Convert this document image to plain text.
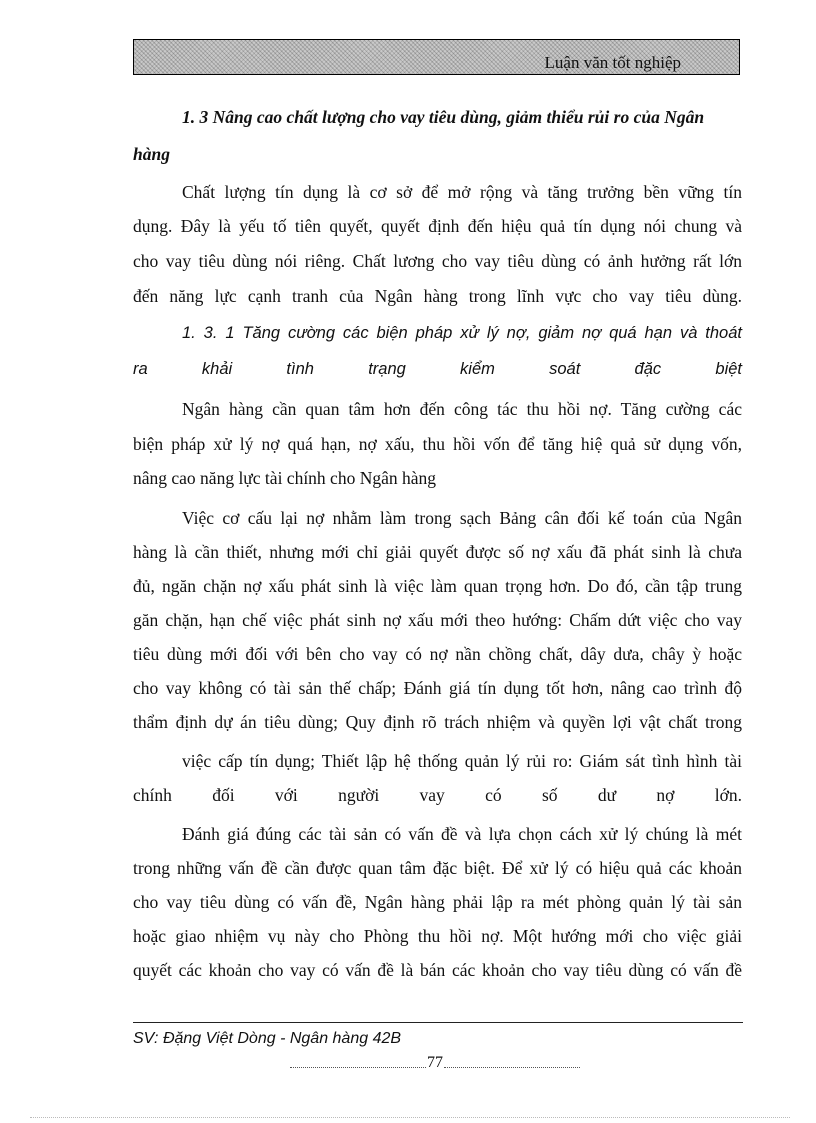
Luận văn tốt nghiệp
1. 3 Nâng cao chất lượng cho vay tiêu dùng, giảm thiểu rủi ro của Ngân
hàng
Chất lượng tín dụng là cơ sở để mở rộng và tăng trưởng bền vững tín
dụng. Đây là yếu tố tiên quyết, quyết định đến hiệu quả tín dụng nói chung và
cho vay tiêu dùng nói riêng. Chất lương cho vay tiêu dùng có ảnh hưởng rất lớn
đến năng lực cạnh tranh của Ngân hàng trong lĩnh vực cho vay tiêu dùng.
1. 3. 1 Tăng cường các biện pháp xử lý nợ, giảm nợ quá hạn và thoát
ra khải tình trạng kiểm soát đặc biệt
Ngân hàng cần quan tâm hơn đến công tác thu hồi nợ. Tăng cường các
biện pháp xử lý nợ quá hạn, nợ xấu, thu hồi vốn để tăng hiệ quả sử dụng vốn,
nâng cao năng lực tài chính cho Ngân hàng
Việc cơ cấu lại nợ nhằm làm trong sạch Bảng cân đối kế toán của Ngân
hàng là cần thiết, nhưng mới chỉ giải quyết được số nợ xấu đã phát sinh là chưa
đủ, ngăn chặn nợ xấu phát sinh là việc làm quan trọng hơn. Do đó, cần tập trung
găn chặn, hạn chế việc phát sinh nợ xấu mới theo hướng: Chấm dứt việc cho vay
tiêu dùng mới đối với bên cho vay có nợ nần chồng chất, dây dưa, chây ỳ hoặc
cho vay không có tài sản thế chấp; Đánh giá tín dụng tốt hơn, nâng cao trình độ
thẩm định dự án tiêu dùng; Quy định rõ trách nhiệm và quyền lợi vật chất trong
việc cấp tín dụng; Thiết lập hệ thống quản lý rủi ro: Giám sát tình hình tài
chính đối với người vay có số dư nợ lớn.
Đánh giá đúng các tài sản có vấn đề và lựa chọn cách xử lý chúng là mét
trong những vấn đề cần được quan tâm đặc biệt. Để xử lý có hiệu quả các khoản
cho vay tiêu dùng có vấn đề, Ngân hàng phải lập ra mét phòng quản lý tài sản
hoặc giao nhiệm vụ này cho Phòng thu hồi nợ. Một hướng mới cho việc giải
quyết các khoản cho vay có vấn đề là bán các khoản cho vay tiêu dùng có vấn đề
SV: Đặng Việt Dòng - Ngân hàng 42B
77
